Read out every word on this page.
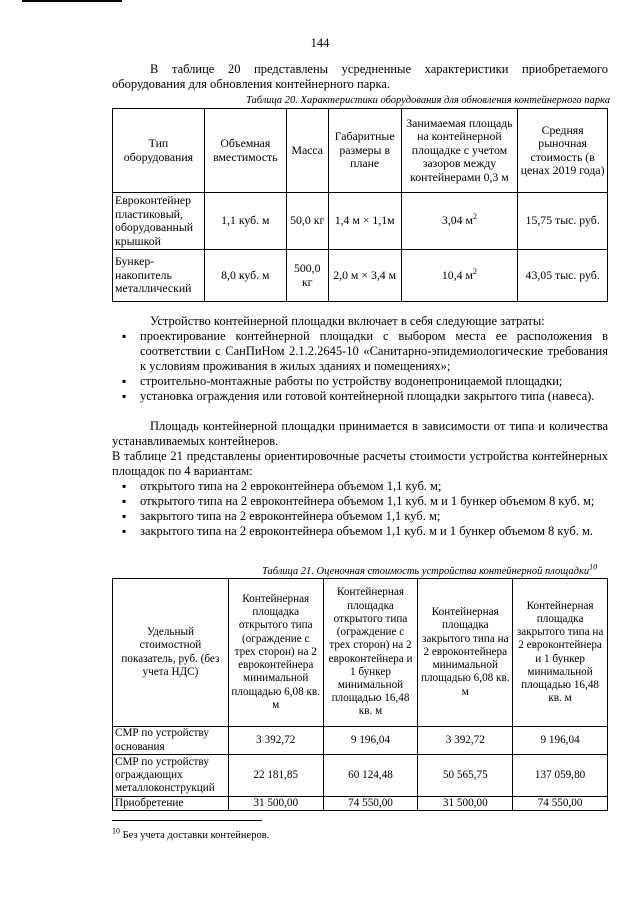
144
В таблице 20 представлены усредненные характеристики приобретаемого оборудования для обновления контейнерного парка.
Таблица 20. Характеристики оборудования для обновления контейнерного парка
Тип оборудования	Объемная вместимость	Масса	Габаритные размеры в плане	Занимаемая площадь на контейнерной площадке с учетом зазоров между контейнерами 0,3 м	Средняя рыночная стоимость (в ценах 2019 года)
Евроконтейнер пластиковый, оборудованный крышкой	1,1 куб. м	50,0 кг	1,4 м × 1,1м	3,04 $м^2$	15,75 тыс. руб.
Бункер-накопитель металлический	8,0 куб. м	500,0 кг	2,0 м × 3,4 м	10,4 $м^2$	43,05 тыс. руб.
Устройство контейнерной площадки включает в себя следующие затраты:
▪ проектирование контейнерной площадки с выбором места ее расположения в соответствии с СанПиНом 2.1.2.2645-10 «Санитарно-эпидемиологические требования к условиям проживания в жилых зданиях и помещениях»;
▪ строительно-монтажные работы по устройству водонепроницаемой площадки;
▪ установка ограждения или готовой контейнерной площадки закрытого типа (навеса).
Площадь контейнерной площадки принимается в зависимости от типа и количества устанавливаемых контейнеров.
В таблице 21 представлены ориентировочные расчеты стоимости устройства контейнерных площадок по 4 вариантам:
▪ открытого типа на 2 евроконтейнера объемом 1,1 куб. м;
▪ открытого типа на 2 евроконтейнера объемом 1,1 куб. м и 1 бункер объемом 8 куб. м;
▪ закрытого типа на 2 евроконтейнера объемом 1,1 куб. м;
▪ закрытого типа на 2 евроконтейнера объемом 1,1 куб. м и 1 бункер объемом 8 куб. м.
Таблица 21. Оценочная стоимость устройства контейнерной площадки$^{10}$
Удельный стоимостной показатель, руб. (без учета НДС)	Контейнерная площадка открытого типа (ограждение с трех сторон) на 2 евроконтейнера минимальной площадью 6,08 кв. м	Контейнерная площадка открытого типа (ограждение с трех сторон) на 2 евроконтейнера и 1 бункер минимальной площадью 16,48 кв. м	Контейнерная площадка закрытого типа на 2 евроконтейнера минимальной площадью 6,08 кв. м	Контейнерная площадка закрытого типа на 2 евроконтейнера и 1 бункер минимальной площадью 16,48 кв. м
СМР по устройству основания	3 392,72	9 196,04	3 392,72	9 196,04
СМР по устройству ограждающих металлоконструкций	22 181,85	60 124,48	50 565,75	137 059,80
Приобретение	31 500,00	74 550,00	31 500,00	74 550,00
$^{10}$ Без учета доставки контейнеров.
